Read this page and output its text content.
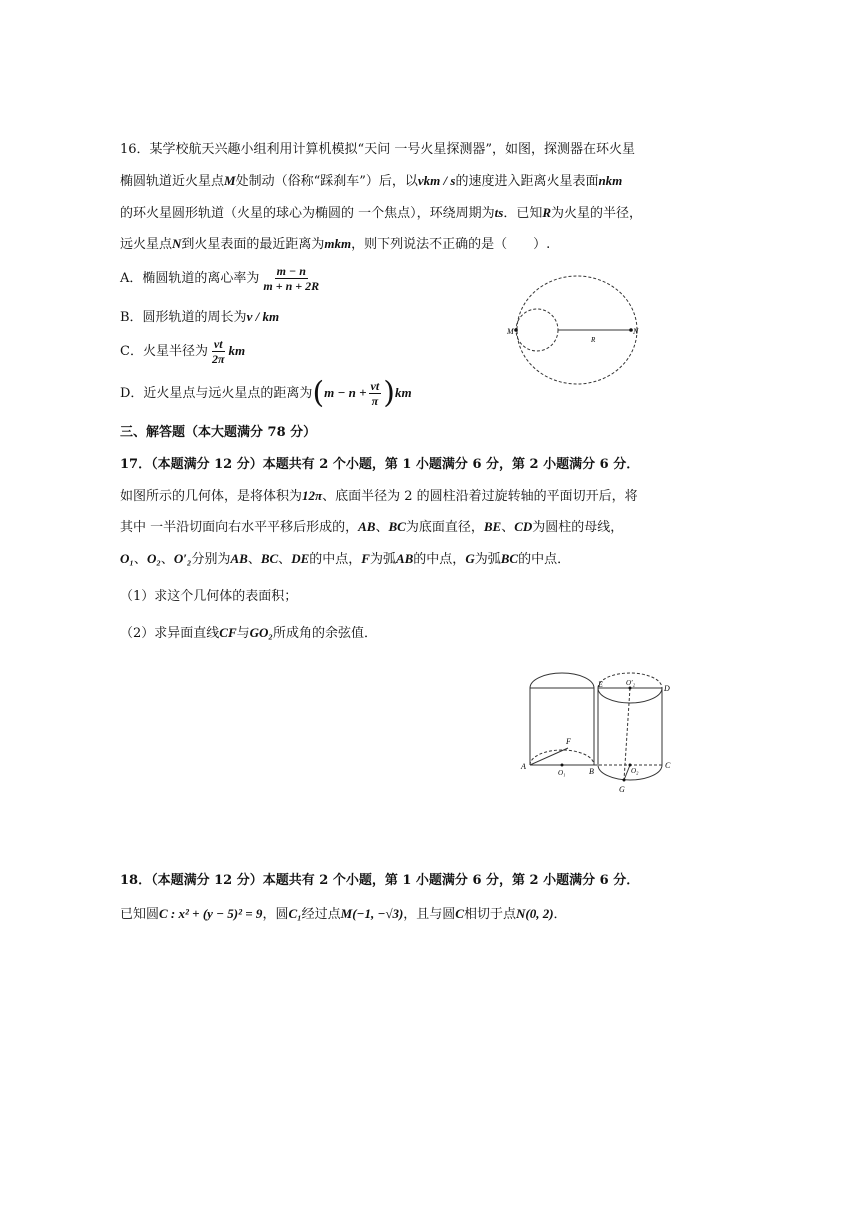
16．某学校航天兴趣小组利用计算机模拟“天问 一号火星探测器”，如图，探测器在环火星
椭圆轨道近火星点M处制动（俗称“踩刹车”）后，以vkm / s的速度进入距离火星表面nkm
的环火星圆形轨道（火星的球心为椭圆的 一个焦点），环绕周期为ts．已知R为火星的半径，
远火星点N到火星表面的最近距离为mkm，则下列说法不正确的是（　　）.
A．椭圆轨道的离心率为 $\frac{m - n}{m + n + 2R}$
B．圆形轨道的周长为v / km
C．火星半径为 $\frac{vt}{2\pi}$ km
D．近火星点与远火星点的距离为$(m - n + \frac{vt}{\pi} )km$
M	N
R
三、解答题（本大题满分 78 分）
17．（本题满分 12 分）本题共有 2 个小题，第 1 小题满分 6 分，第 2 小题满分 6 分．
如图所示的几何体，是将体积为12π、底面半径为 2 的圆柱沿着过旋转轴的平面切开后，将
其中 一半沿切面向右水平平移后形成的，AB、BC为底面直径，BE、CD为圆柱的母线，
O₁、O₂、O′₂分别为AB、BC、DE的中点，F为弧AB的中点，G为弧BC的中点．
（1）求这个几何体的表面积；
（2）求异面直线CF与GO₂所成角的余弦值．
A
B
C
D
E
F
G
O₁	O₂
O′₂
18．（本题满分 12 分）本题共有 2 个小题，第 1 小题满分 6 分，第 2 小题满分 6 分．
已知圆C : x² + (y − 5)² = 9，圆C₁经过点M(−1, −√3)，且与圆C相切于点N(0, 2)．
